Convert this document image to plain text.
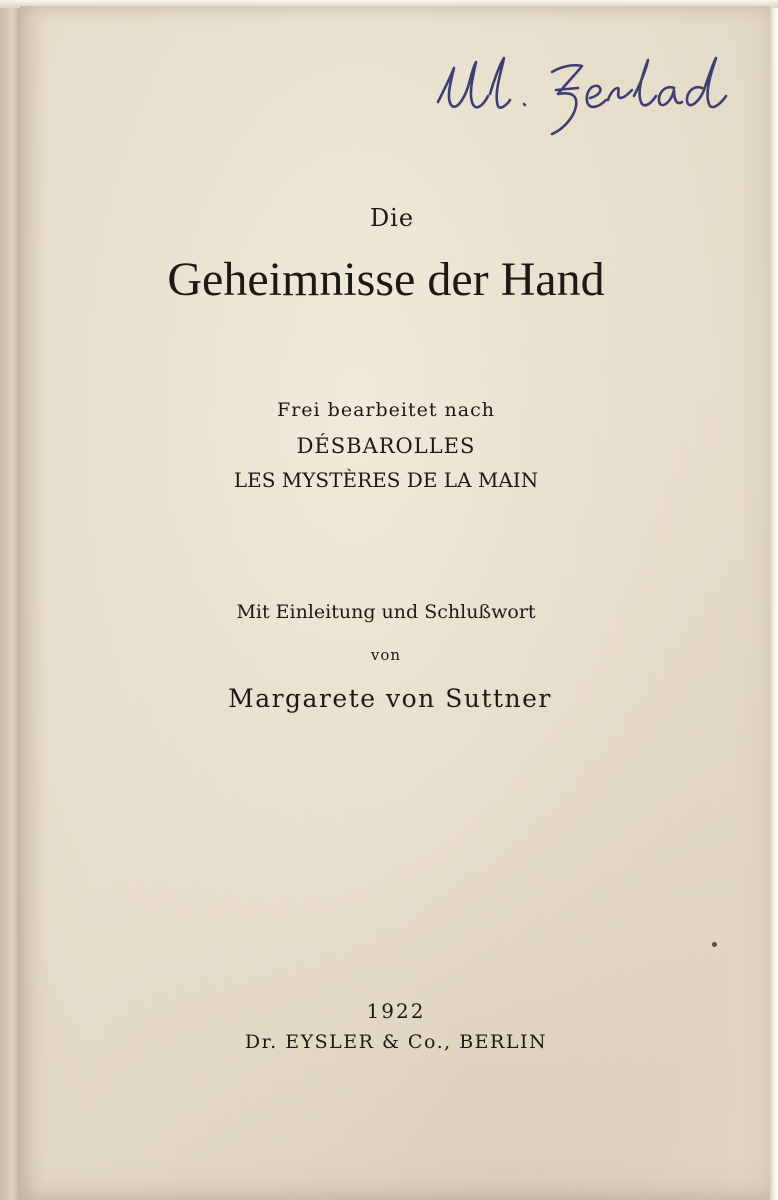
Die
Geheimnisse der Hand
Frei bearbeitet nach
DÉSBAROLLES
LES MYSTÈRES DE LA MAIN
Mit Einleitung und Schlußwort
von
Margarete von Suttner
1922
Dr. EYSLER & Co., BERLIN
